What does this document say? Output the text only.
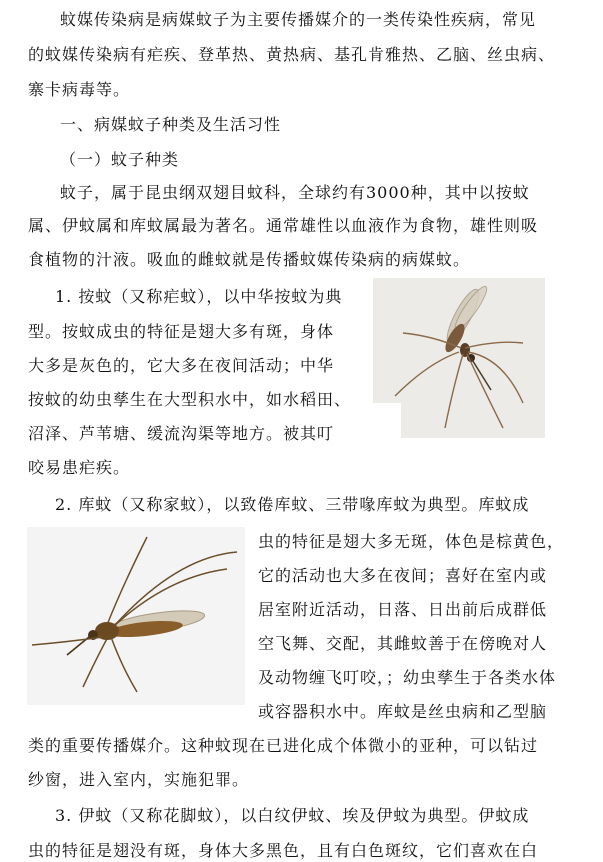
蚊媒传染病是病媒蚊子为主要传播媒介的一类传染性疾病，常见
的蚊媒传染病有疟疾、登革热、黄热病、基孔肯雅热、乙脑、丝虫病、
寨卡病毒等。
一、病媒蚊子种类及生活习性
（一）蚊子种类
蚊子，属于昆虫纲双翅目蚊科，全球约有3000种，其中以按蚊
属、伊蚊属和库蚊属最为著名。通常雄性以血液作为食物，雄性则吸
食植物的汁液。吸血的雌蚊就是传播蚊媒传染病的病媒蚊。
1. 按蚊（又称疟蚊），以中华按蚊为典
型。按蚊成虫的特征是翅大多有斑，身体
大多是灰色的，它大多在夜间活动；中华
按蚊的幼虫孳生在大型积水中，如水稻田、
沼泽、芦苇塘、缓流沟渠等地方。被其叮
咬易患疟疾。
2. 库蚊（又称家蚊），以致倦库蚊、三带喙库蚊为典型。库蚊成
虫的特征是翅大多无斑，体色是棕黄色，
它的活动也大多在夜间；喜好在室内或
居室附近活动，日落、日出前后成群低
空飞舞、交配，其雌蚊善于在傍晚对人
及动物缠飞叮咬，；幼虫孳生于各类水体
或容器积水中。库蚊是丝虫病和乙型脑
类的重要传播媒介。这种蚊现在已进化成个体微小的亚种，可以钻过
纱窗，进入室内，实施犯罪。
3. 伊蚊（又称花脚蚊），以白纹伊蚊、埃及伊蚊为典型。伊蚊成
虫的特征是翅没有斑，身体大多黑色，且有白色斑纹，它们喜欢在白
